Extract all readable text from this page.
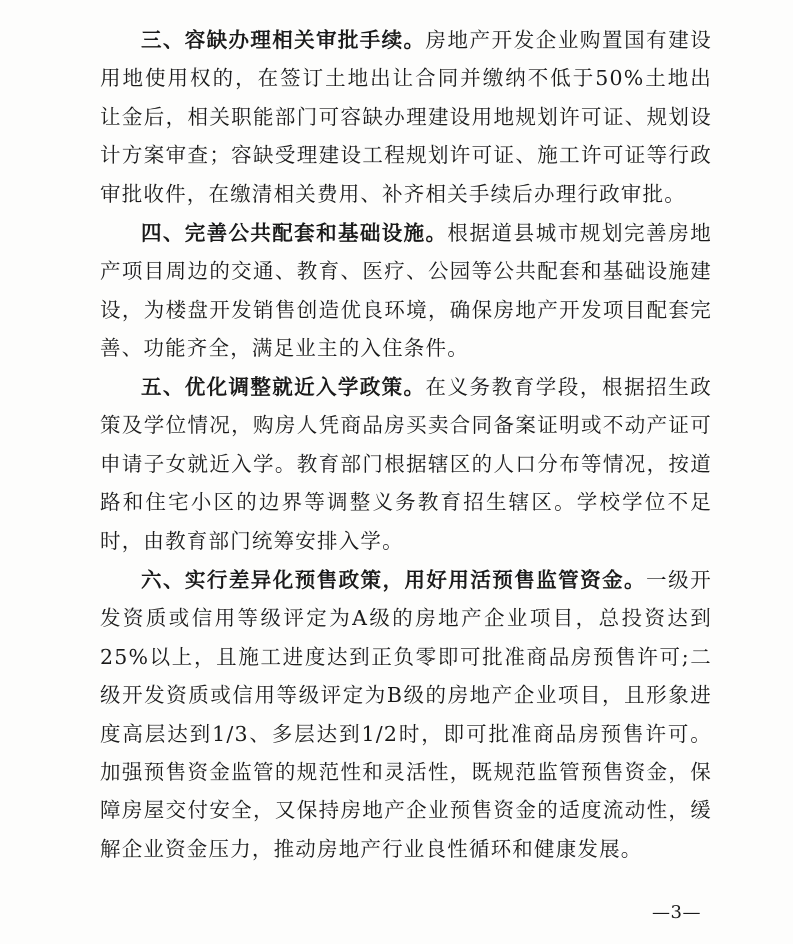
三、容缺办理相关审批手续。房地产开发企业购置国有建设用地使用权的，在签订土地出让合同并缴纳不低于50%土地出让金后，相关职能部门可容缺办理建设用地规划许可证、规划设计方案审查；容缺受理建设工程规划许可证、施工许可证等行政审批收件，在缴清相关费用、补齐相关手续后办理行政审批。

四、完善公共配套和基础设施。根据道县城市规划完善房地产项目周边的交通、教育、医疗、公园等公共配套和基础设施建设，为楼盘开发销售创造优良环境，确保房地产开发项目配套完善、功能齐全，满足业主的入住条件。

五、优化调整就近入学政策。在义务教育学段，根据招生政策及学位情况，购房人凭商品房买卖合同备案证明或不动产证可申请子女就近入学。教育部门根据辖区的人口分布等情况，按道路和住宅小区的边界等调整义务教育招生辖区。学校学位不足时，由教育部门统筹安排入学。

六、实行差异化预售政策，用好用活预售监管资金。一级开发资质或信用等级评定为A级的房地产企业项目，总投资达到25%以上，且施工进度达到正负零即可批准商品房预售许可;二级开发资质或信用等级评定为B级的房地产企业项目，且形象进度高层达到1/3、多层达到1/2时，即可批准商品房预售许可。加强预售资金监管的规范性和灵活性，既规范监管预售资金，保障房屋交付安全，又保持房地产企业预售资金的适度流动性，缓解企业资金压力，推动房地产行业良性循环和健康发展。

—3—
